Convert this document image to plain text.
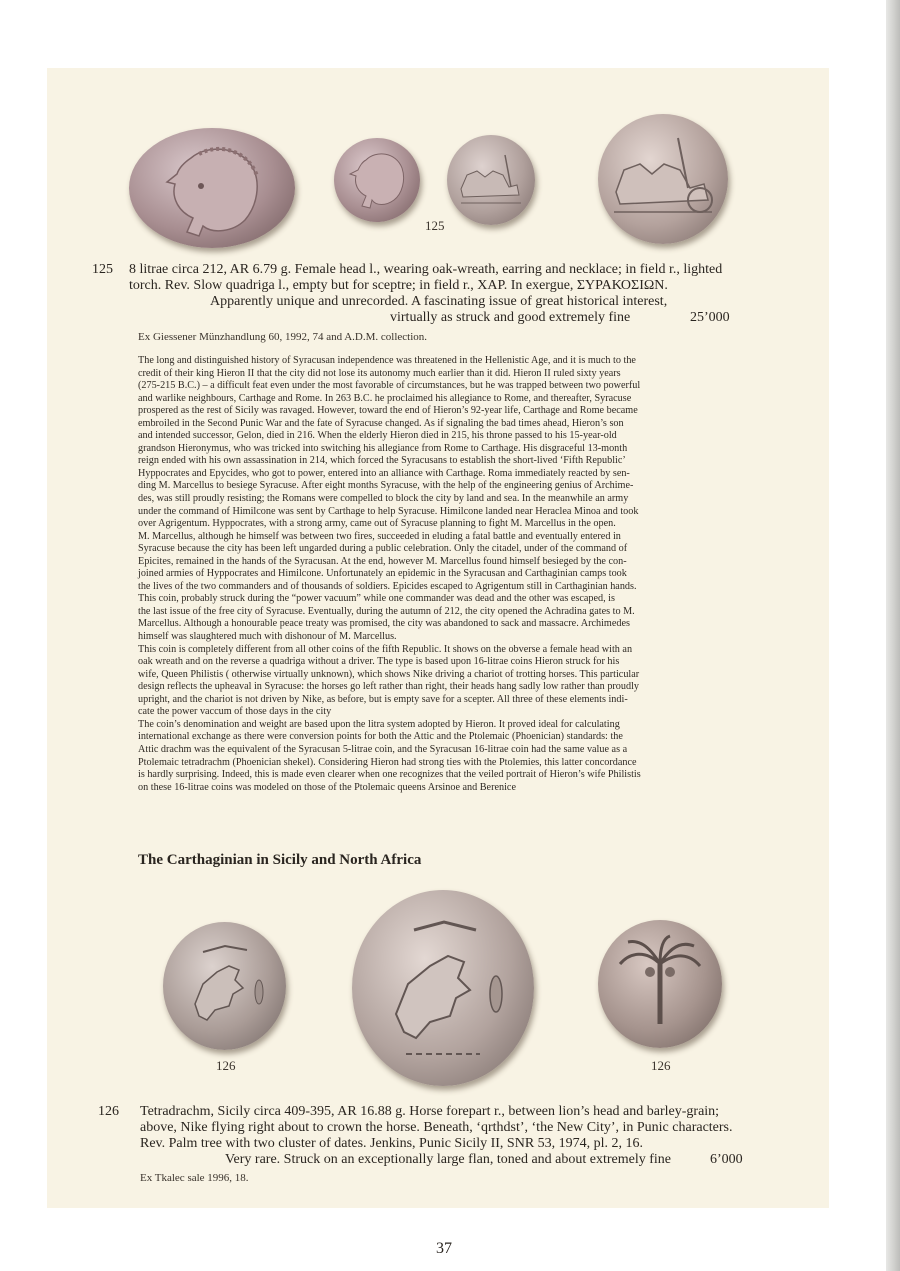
125
125 8 litrae circa 212, AR 6.79 g. Female head l., wearing oak-wreath, earring and necklace; in field r., lighted
torch. Rev. Slow quadriga l., empty but for sceptre; in field r., XAP. In exergue, ΣΥΡΑΚΟΣΙΩΝ.
Apparently unique and unrecorded. A fascinating issue of great historical interest,
virtually as struck and good extremely fine	25’000
Ex Giessener Münzhandlung 60, 1992, 74 and A.D.M. collection.
The long and distinguished history of Syracusan independence was threatened in the Hellenistic Age, and it is much to the
credit of their king Hieron II that the city did not lose its autonomy much earlier than it did. Hieron II ruled sixty years
(275-215 B.C.) – a difficult feat even under the most favorable of circumstances, but he was trapped between two powerful
and warlike neighbours, Carthage and Rome. In 263 B.C. he proclaimed his allegiance to Rome, and thereafter, Syracuse
prospered as the rest of Sicily was ravaged. However, toward the end of Hieron’s 92-year life, Carthage and Rome became
embroiled in the Second Punic War and the fate of Syracuse changed. As if signaling the bad times ahead, Hieron’s son
and intended successor, Gelon, died in 216. When the elderly Hieron died in 215, his throne passed to his 15-year-old
grandson Hieronymus, who was tricked into switching his allegiance from Rome to Carthage. His disgraceful 13-month
reign ended with his own assassination in 214, which forced the Syracusans to establish the short-lived ‘Fifth Republic’
Hyppocrates and Epycides, who got to power, entered into an alliance with Carthage. Roma immediately reacted by sen-
ding M. Marcellus to besiege Syracuse. After eight months Syracuse, with the help of the engineering genius of Archime-
des, was still proudly resisting; the Romans were compelled to block the city by land and sea. In the meanwhile an army
under the command of Himilcone was sent by Carthage to help Syracuse. Himilcone landed near Heraclea Minoa and took
over Agrigentum. Hyppocrates, with a strong army, came out of Syracuse planning to fight M. Marcellus in the open.
M. Marcellus, although he himself was between two fires, succeeded in eluding a fatal battle and eventually entered in
Syracuse because the city has been left ungarded during a public celebration. Only the citadel, under of the command of
Epicites, remained in the hands of the Syracusan. At the end, however M. Marcellus found himself besieged by the con-
joined armies of Hyppocrates and Himilcone. Unfortunately an epidemic in the Syracusan and Carthaginian camps took
the lives of the two commanders and of thousands of soldiers. Epicides escaped to Agrigentum still in Carthaginian hands.
This coin, probably struck during the “power vacuum” while one commander was dead and the other was escaped, is
the last issue of the free city of Syracuse. Eventually, during the autumn of 212, the city opened the Achradina gates to M.
Marcellus. Although a honourable peace treaty was promised, the city was abandoned to sack and massacre. Archimedes
himself was slaughtered much with dishonour of M. Marcellus.
This coin is completely different from all other coins of the fifth Republic. It shows on the obverse a female head with an
oak wreath and on the reverse a quadriga without a driver. The type is based upon 16-litrae coins Hieron struck for his
wife, Queen Philistis ( otherwise virtually unknown), which shows Nike driving a chariot of trotting horses. This particular
design reflects the upheaval in Syracuse: the horses go left rather than right, their heads hang sadly low rather than proudly
upright, and the chariot is not driven by Nike, as before, but is empty save for a scepter. All three of these elements indi-
cate the power vaccum of those days in the city
The coin’s denomination and weight are based upon the litra system adopted by Hieron. It proved ideal for calculating
international exchange as there were conversion points for both the Attic and the Ptolemaic (Phoenician) standards: the
Attic drachm was the equivalent of the Syracusan 5-litrae coin, and the Syracusan 16-litrae coin had the same value as a
Ptolemaic tetradrachm (Phoenician shekel). Considering Hieron had strong ties with the Ptolemies, this latter concordance
is hardly surprising. Indeed, this is made even clearer when one recognizes that the veiled portrait of Hieron’s wife Philistis
on these 16-litrae coins was modeled on those of the Ptolemaic queens Arsinoe and Berenice
The Carthaginian in Sicily and North Africa
126	126
126 Tetradrachm, Sicily circa 409-395, AR 16.88 g. Horse forepart r., between lion’s head and barley-grain;
above, Nike flying right about to crown the horse. Beneath, ‘qrthdst’, ‘the New City’, in Punic characters.
Rev. Palm tree with two cluster of dates. Jenkins, Punic Sicily II, SNR 53, 1974, pl. 2, 16.
Very rare. Struck on an exceptionally large flan, toned and about extremely fine	6’000
Ex Tkalec sale 1996, 18.
37
